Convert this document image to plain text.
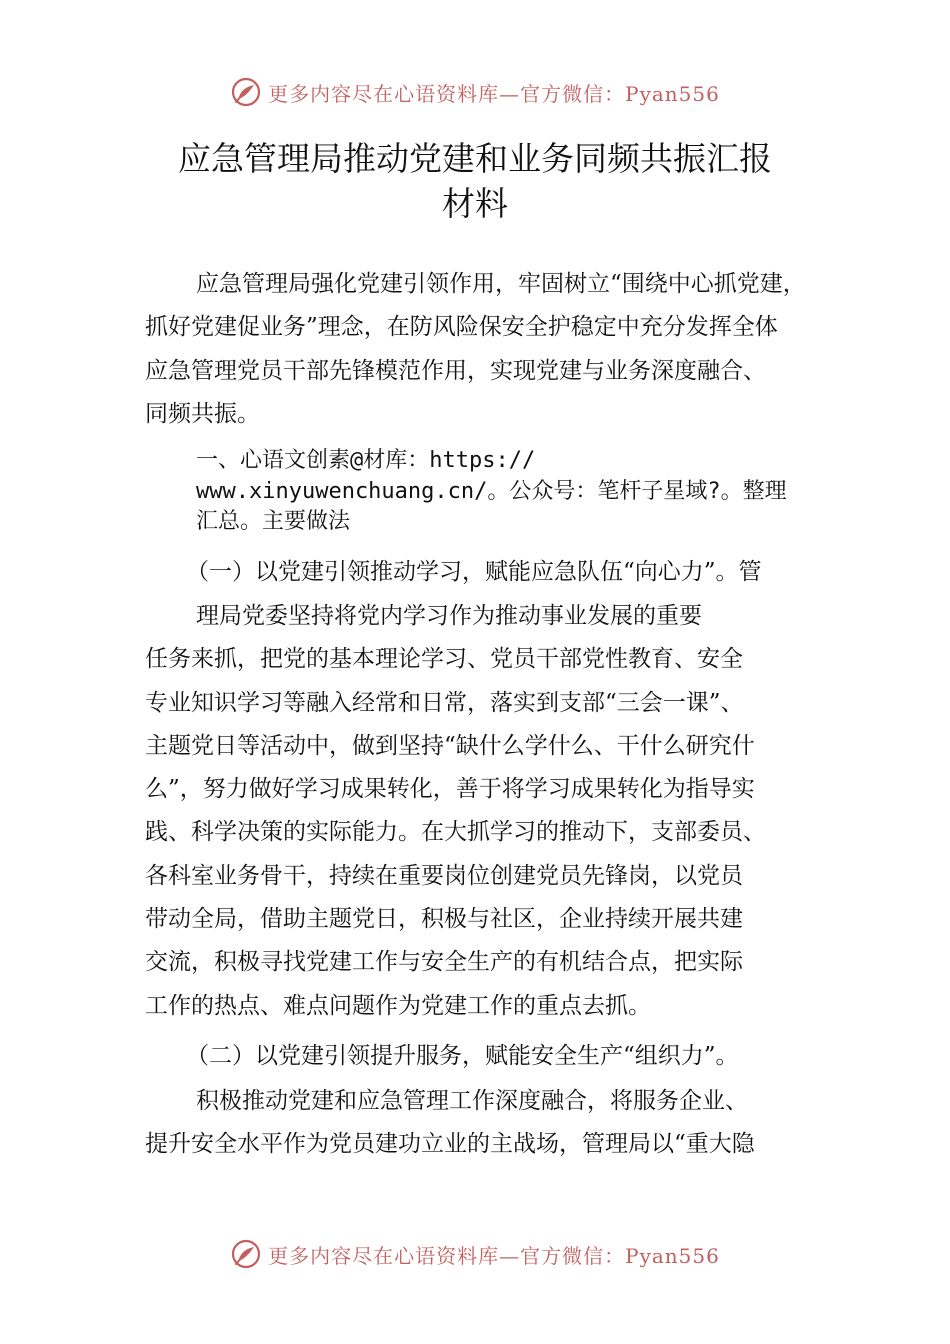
更多内容尽在心语资料库—官方微信：Pyan556
应急管理局推动党建和业务同频共振汇报
材料

应急管理局强化党建引领作用，牢固树立“围绕中心抓党建，
抓好党建促业务”理念，在防风险保安全护稳定中充分发挥全体
应急管理党员干部先锋模范作用，实现党建与业务深度融合、
同频共振。

一、心语文创素@材库：https://
www.xinyuwenchuang.cn/。公众号：笔杆子星域?。整理
汇总。主要做法

（一）以党建引领推动学习，赋能应急队伍“向心力”。管

理局党委坚持将党内学习作为推动事业发展的重要
任务来抓，把党的基本理论学习、党员干部党性教育、安全
专业知识学习等融入经常和日常，落实到支部“三会一课”、
主题党日等活动中，做到坚持“缺什么学什么、干什么研究什
么”，努力做好学习成果转化，善于将学习成果转化为指导实
践、科学决策的实际能力。在大抓学习的推动下，支部委员、
各科室业务骨干，持续在重要岗位创建党员先锋岗，以党员
带动全局，借助主题党日，积极与社区，企业持续开展共建
交流，积极寻找党建工作与安全生产的有机结合点，把实际
工作的热点、难点问题作为党建工作的重点去抓。

（二）以党建引领提升服务，赋能安全生产“组织力”。

积极推动党建和应急管理工作深度融合，将服务企业、
提升安全水平作为党员建功立业的主战场，管理局以“重大隐

更多内容尽在心语资料库—官方微信：Pyan556
